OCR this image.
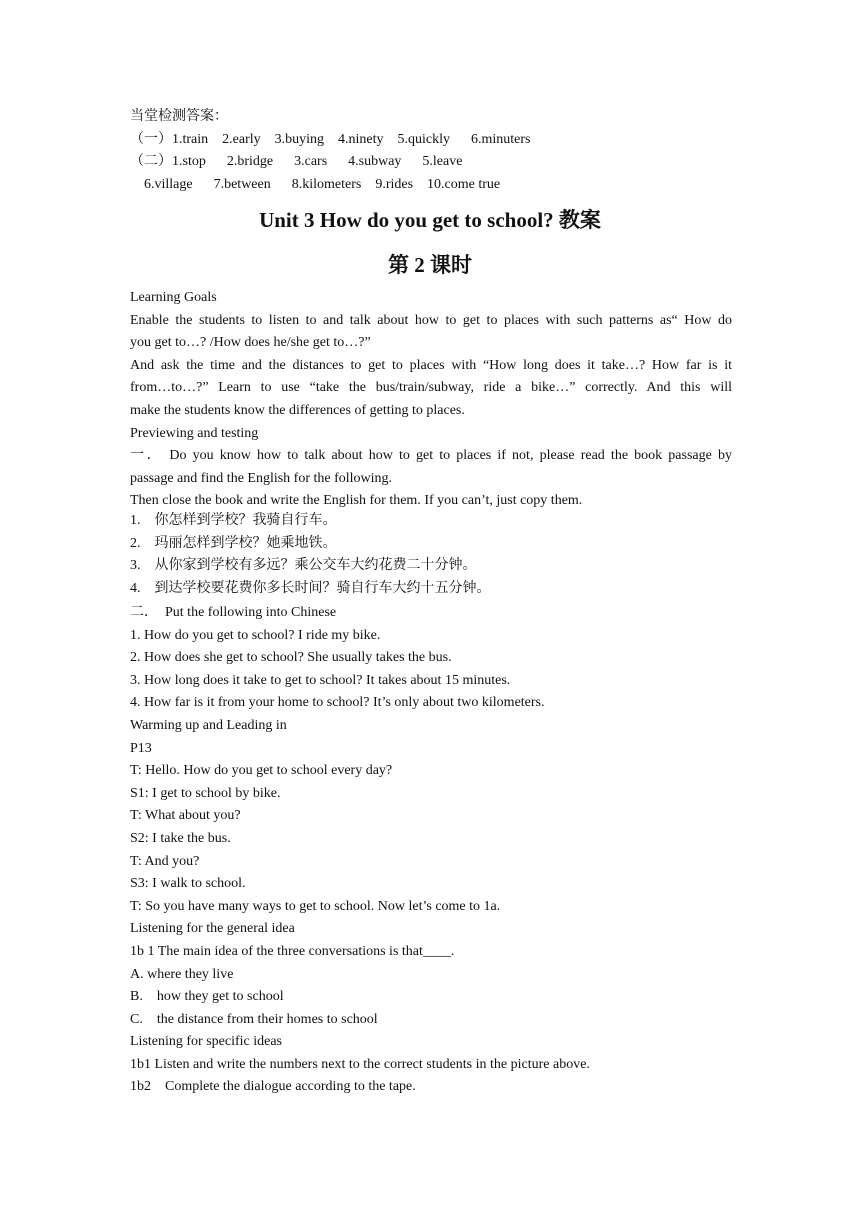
当堂检测答案：
（一）1.train    2.early    3.buying    4.ninety    5.quickly      6.minuters
（二）1.stop      2.bridge      3.cars      4.subway      5.leave
6.village      7.between      8.kilometers    9.rides    10.come true
Unit 3 How do you get to school? 教案
第 2 课时
Learning Goals
Enable the students to listen to and talk about how to get to places with such patterns as“ How do
you get to…? /How does he/she get to…?”
And ask the time and the distances to get to places with “How long does it take…? How far is it
from…to…?” Learn to use “take the bus/train/subway, ride a bike…” correctly. And this will
make the students know the differences of getting to places.
Previewing and testing
一． Do you know how to talk about how to get to places if not, please read the book passage by
passage and find the English for the following.
Then close the book and write the English for them. If you can’t, just copy them.
1.    你怎样到学校？我骑自行车。
2.    玛丽怎样到学校？她乘地铁。
3.    从你家到学校有多远？乘公交车大约花费二十分钟。
4.    到达学校要花费你多长时间？骑自行车大约十五分钟。
二．  Put the following into Chinese
1. How do you get to school? I ride my bike.
2. How does she get to school? She usually takes the bus.
3. How long does it take to get to school? It takes about 15 minutes.
4. How far is it from your home to school? It’s only about two kilometers.
Warming up and Leading in
P13
T: Hello. How do you get to school every day?
S1: I get to school by bike.
T: What about you?
S2: I take the bus.
T: And you?
S3: I walk to school.
T: So you have many ways to get to school. Now let’s come to 1a.
Listening for the general idea
1b 1 The main idea of the three conversations is that____.
A. where they live
B.    how they get to school
C.    the distance from their homes to school
Listening for specific ideas
1b1 Listen and write the numbers next to the correct students in the picture above.
1b2    Complete the dialogue according to the tape.
